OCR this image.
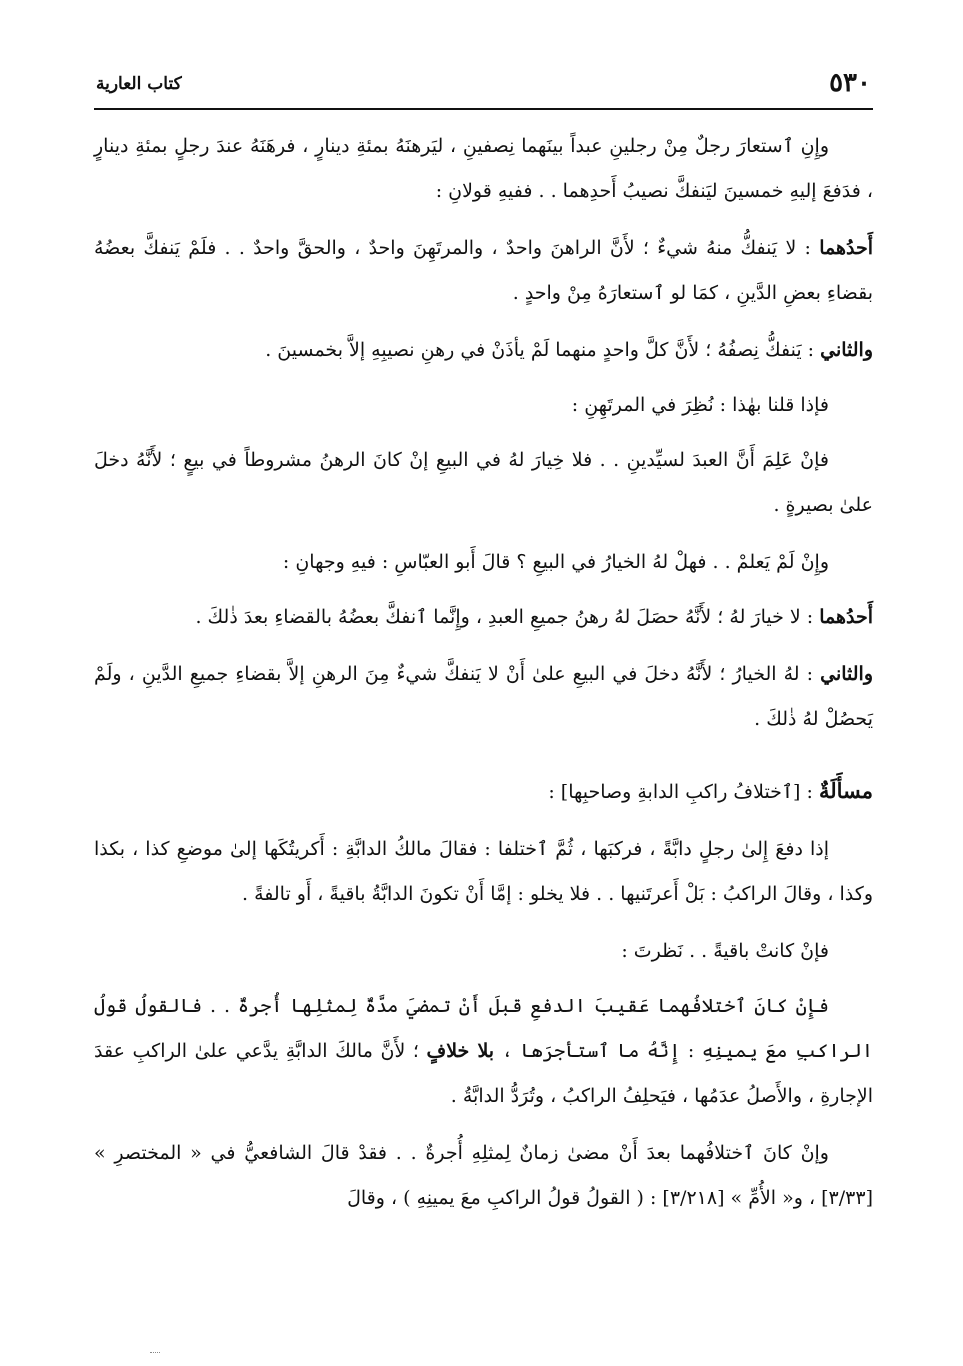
٥٣٠
كتاب العارية

وإِنِ ٱستعارَ رجلٌ مِنْ رجلينِ عبداً بينَهما نِصفينِ ، ليَرهنَهُ بمئةِ دينارٍ ، فرهَنَهُ عندَ رجلٍ بمئةِ دينارٍ ، فدَفعَ إليهِ خمسينَ ليَنفكَّ نصيبُ أَحدِهما . . ففيهِ قولانِ :

أَحدُهما : لا يَنفكُّ منهُ شيءٌ ؛ لأَنَّ الراهنَ واحدٌ ، والمرتَهِنَ واحدٌ ، والحقَّ واحدٌ . . فلَمْ يَنفكَّ بعضُهُ بقضاءِ بعضِ الدَّينِ ، كمَا لو ٱستعارَهُ مِنْ واحدٍ .

والثاني : يَنفكُّ نِصفُهُ ؛ لأَنَّ كلَّ واحدٍ منهما لَمْ يأذَنْ في رهنِ نصيبِهِ إلاَّ بخمسينَ .

فإذا قلنا بهٰذا : نُظِرَ في المرتَهِنِ :

فإنْ عَلِمَ أَنَّ العبدَ لسيِّدينِ . . فلا خِيارَ لهُ في البيعِ إنْ كانَ الرهنُ مشروطاً في بيعٍ ؛ لأَنَّهُ دخلَ علىٰ بصيرةٍ .

وإِنْ لَمْ يَعلمْ . . فهلْ لهُ الخيارُ في البيعِ ؟ قالَ أَبو العبّاسِ : فيهِ وجهانِ :

أَحدُهما : لا خيارَ لهُ ؛ لأَنَّهُ حصَلَ لهُ رهنُ جميعِ العبدِ ، وإِنَّما ٱنفكَّ بعضُهُ بالقضاءِ بعدَ ذٰلكَ .

والثاني : لهُ الخيارُ ؛ لأَنَّهُ دخلَ في البيعِ علىٰ أَنْ لا يَنفكَّ شيءٌ مِنَ الرهنِ إلاَّ بقضاءِ جميعِ الدَّينِ ، ولَمْ يَحصُلْ لهُ ذٰلكَ .

مسأَلَةٌ : [ٱختلافُ راكبِ الدابةِ وصاحبِها] :

إذا دفعَ إِلىٰ رجلٍ دابَّةً ، فركبَها ، ثُمَّ ٱختلفا : فقالَ مالكُ الدابَّةِ : أَكريتُكَها إلىٰ موضعِ كذا ، بكذا وكذا ، وقالَ الراكبُ : بَلْ أَعرتَنيها . . فلا يخلو : إمَّا أَنْ تكونَ الدابَّةُ باقيةً ، أَو تالفةً .

فإنْ كانتْ باقيةً . . نَظرتَ :

فإِنْ كانَ ٱختلافُهما عَقيبَ الدفعِ قبلَ أَنْ تمضيَ مدَّةٌ لِمثلِها أُجرةٌ . . فالقولُ قولُ الراكبِ معَ يمينِهِ : إِنَّهُ ما ٱستأجرَها ، بلا خلافٍ ؛ لأَنَّ مالكَ الدابَّةِ يدَّعي علىٰ الراكبِ عقدَ الإجارةِ ، والأَصلُ عدَمُها ، فيَحلِفُ الراكبُ ، وتُرَدُّ الدابَّةُ .

وإنْ كانَ ٱختلافُهما بعدَ أَنْ مضىٰ زمانٌ لِمثلِهِ أُجرةٌ . . فقدْ قالَ الشافعيُّ في « المختصرِ » [٣/٣٣] ، و« الأُمِّ » [٣/٢١٨] : ( القولُ قولُ الراكبِ معَ يمينِهِ ) ، وقالَ
